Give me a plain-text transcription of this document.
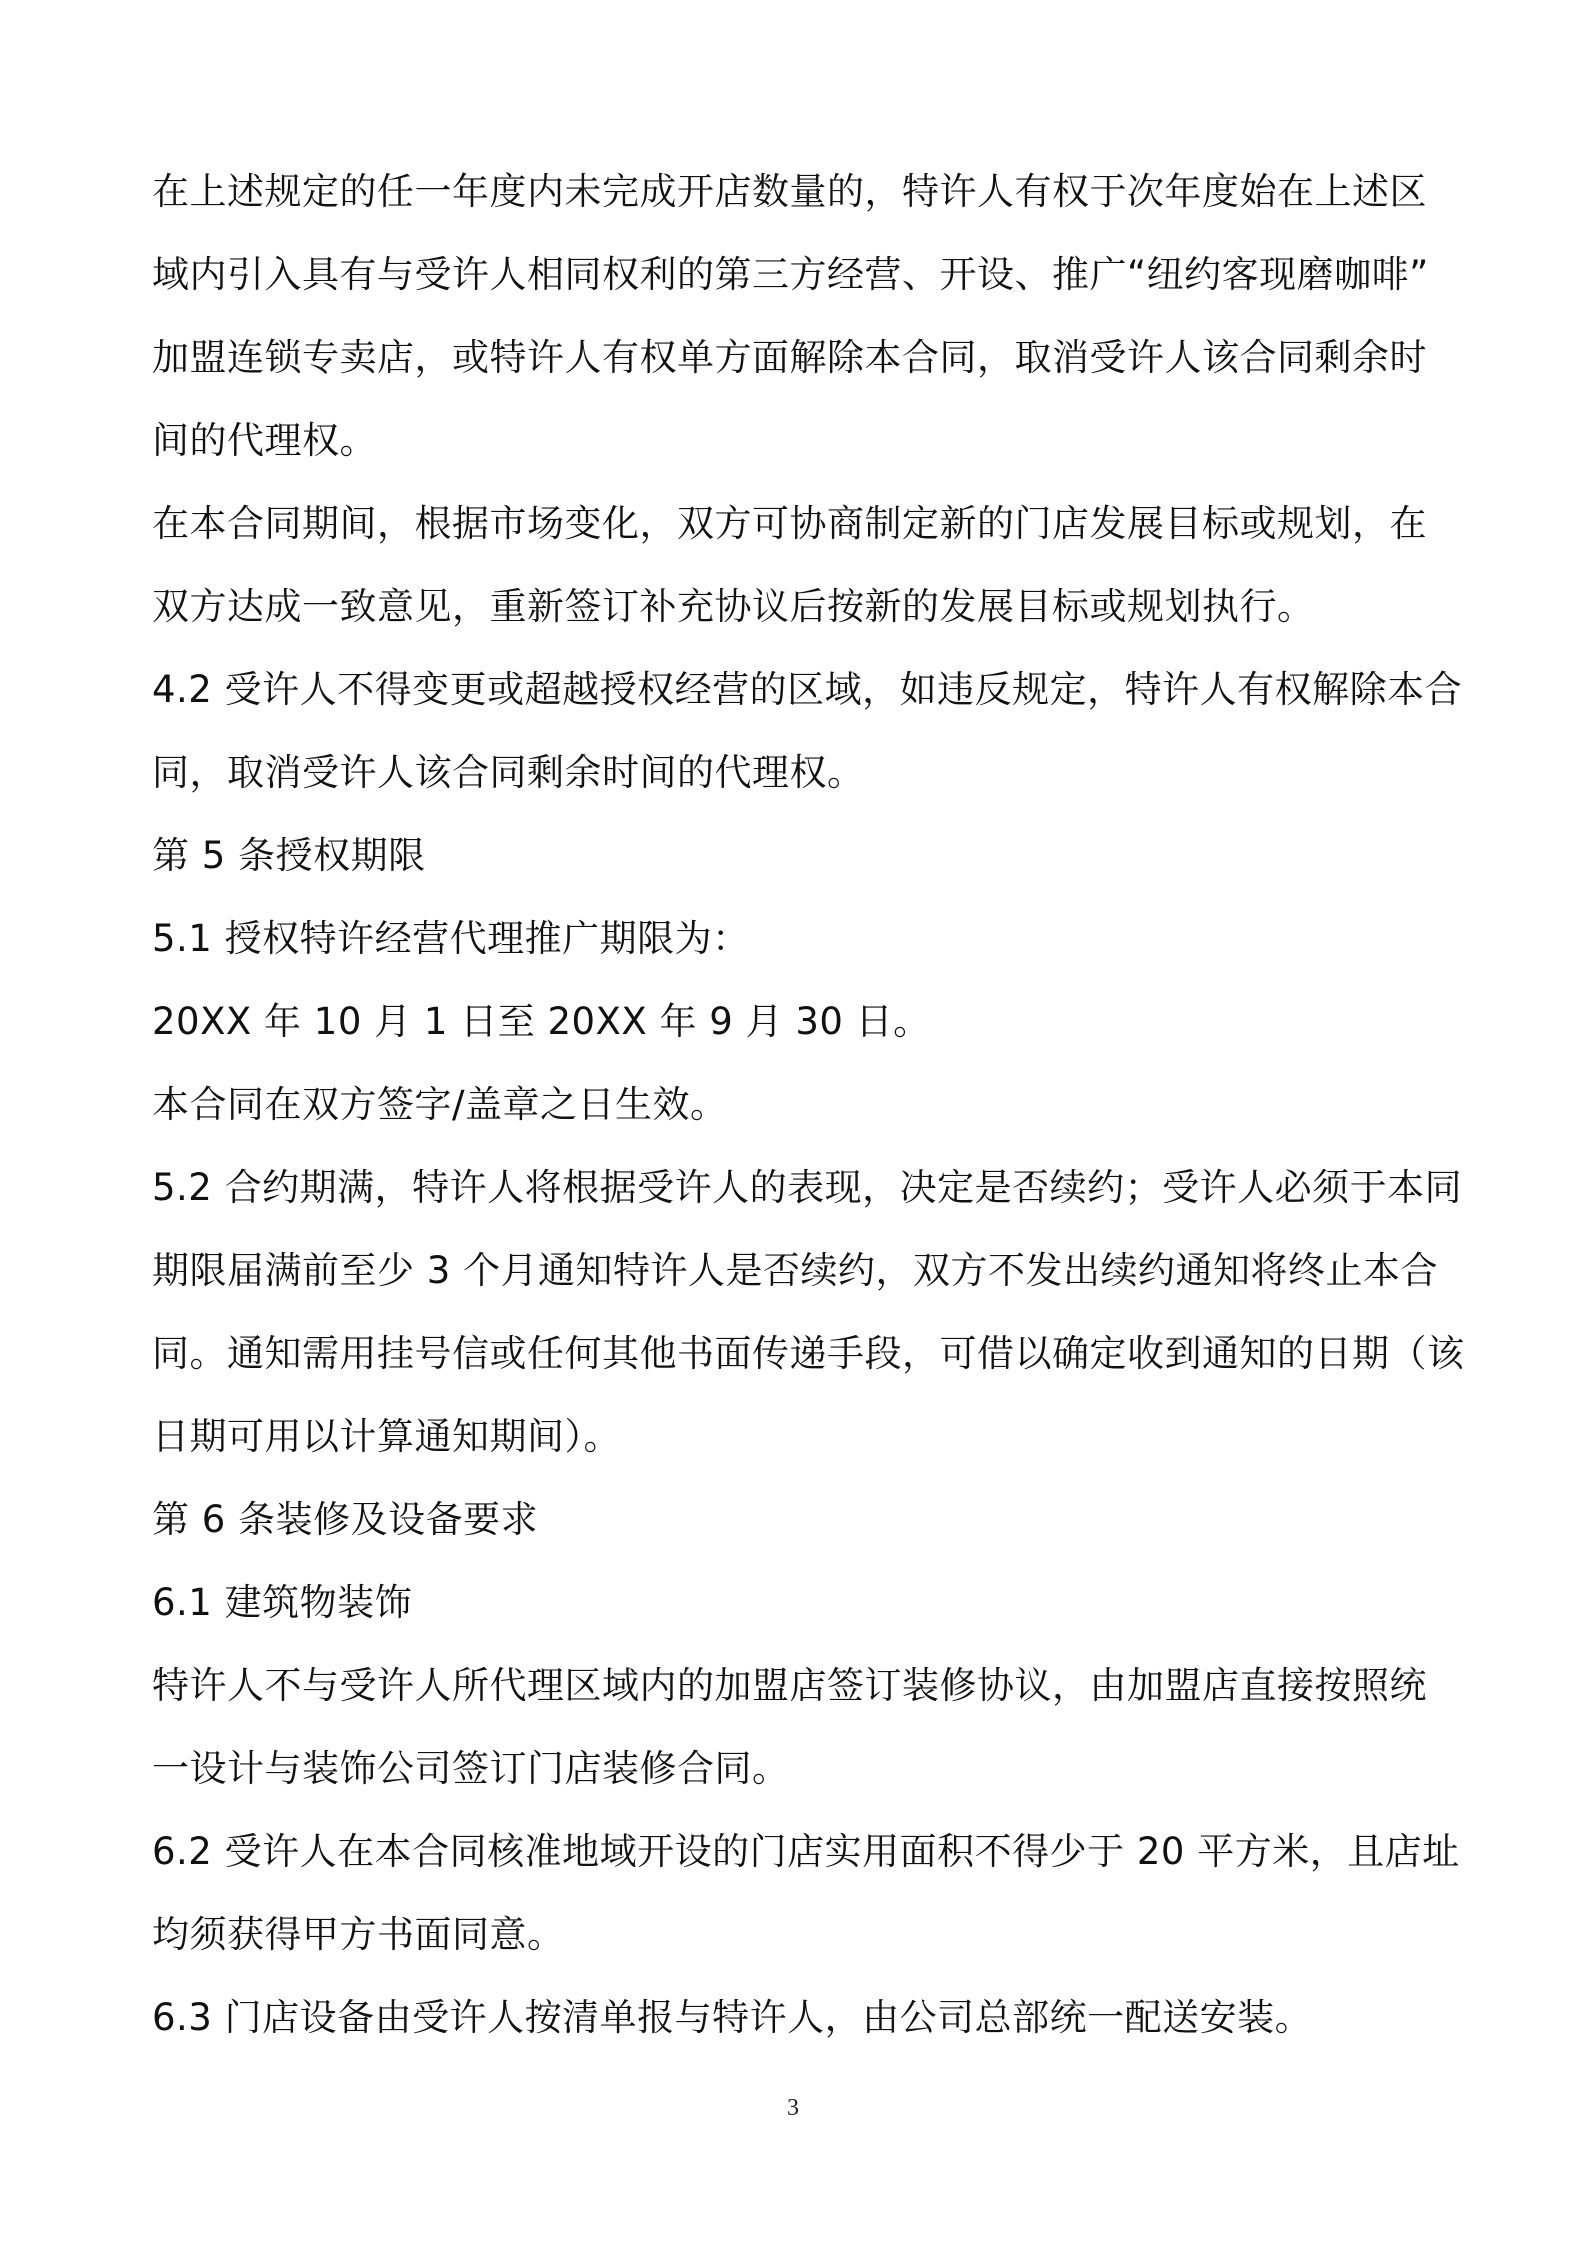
在上述规定的任一年度内未完成开店数量的，特许人有权于次年度始在上述区
域内引入具有与受许人相同权利的第三方经营、开设、推广“纽约客现磨咖啡”
加盟连锁专卖店，或特许人有权单方面解除本合同，取消受许人该合同剩余时
间的代理权。
在本合同期间，根据市场变化，双方可协商制定新的门店发展目标或规划，在
双方达成一致意见，重新签订补充协议后按新的发展目标或规划执行。
4.2 受许人不得变更或超越授权经营的区域，如违反规定，特许人有权解除本合
同，取消受许人该合同剩余时间的代理权。
第 5 条授权期限
5.1 授权特许经营代理推广期限为：
20XX 年 10 月 1 日至 20XX 年 9 月 30 日。
本合同在双方签字/盖章之日生效。
5.2 合约期满，特许人将根据受许人的表现，决定是否续约；受许人必须于本同
期限届满前至少 3 个月通知特许人是否续约，双方不发出续约通知将终止本合
同。通知需用挂号信或任何其他书面传递手段，可借以确定收到通知的日期（该
日期可用以计算通知期间）。
第 6 条装修及设备要求
6.1 建筑物装饰
特许人不与受许人所代理区域内的加盟店签订装修协议，由加盟店直接按照统
一设计与装饰公司签订门店装修合同。
6.2 受许人在本合同核准地域开设的门店实用面积不得少于 20 平方米，且店址
均须获得甲方书面同意。
6.3 门店设备由受许人按清单报与特许人，由公司总部统一配送安装。
3
